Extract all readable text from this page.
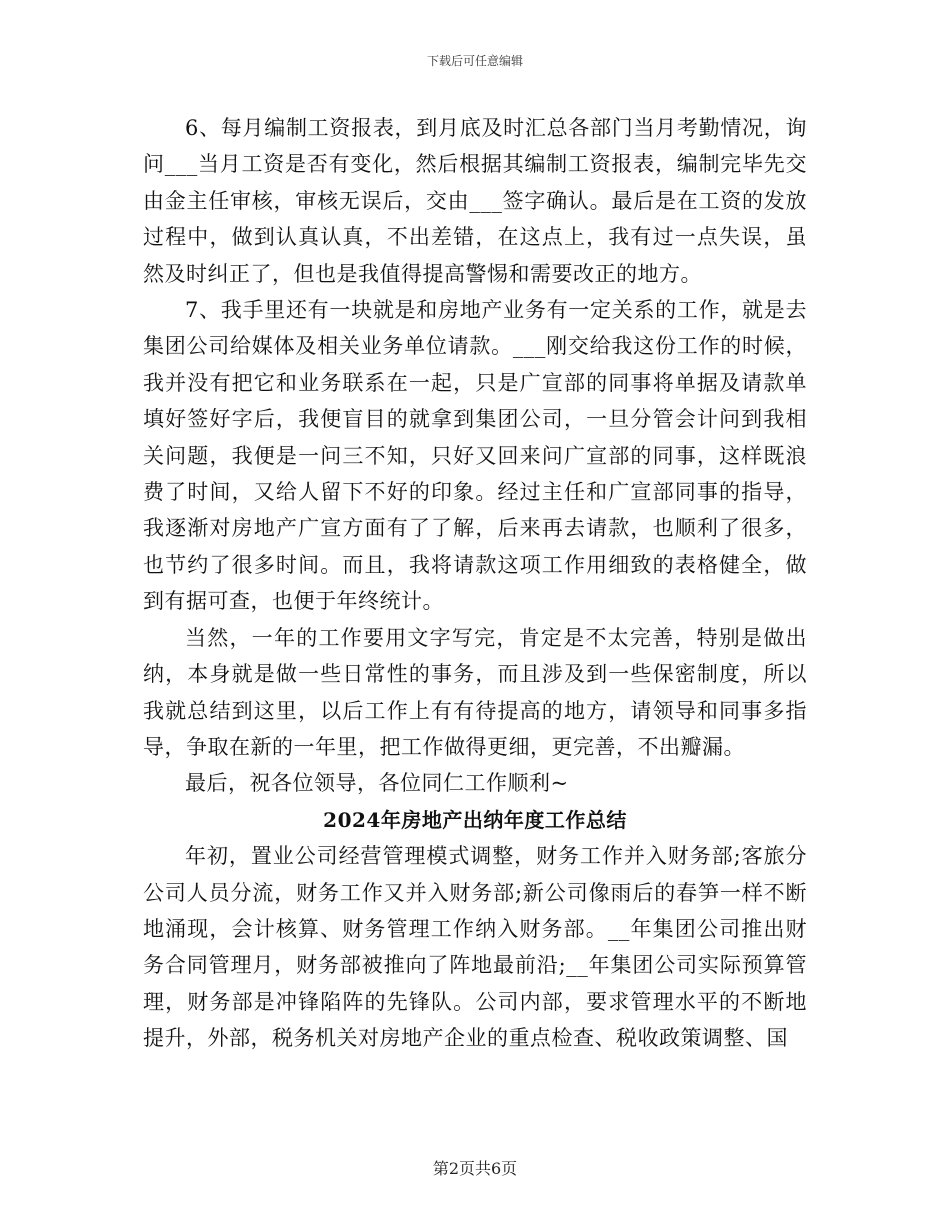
下载后可任意编辑

6、每月编制工资报表，到月底及时汇总各部门当月考勤情况，询问___当月工资是否有变化，然后根据其编制工资报表，编制完毕先交由金主任审核，审核无误后，交由___签字确认。最后是在工资的发放过程中，做到认真认真，不出差错，在这点上，我有过一点失误，虽然及时纠正了，但也是我值得提高警惕和需要改正的地方。

7、我手里还有一块就是和房地产业务有一定关系的工作，就是去集团公司给媒体及相关业务单位请款。___刚交给我这份工作的时候，我并没有把它和业务联系在一起，只是广宣部的同事将单据及请款单填好签好字后，我便盲目的就拿到集团公司，一旦分管会计问到我相关问题，我便是一问三不知，只好又回来问广宣部的同事，这样既浪费了时间，又给人留下不好的印象。经过主任和广宣部同事的指导，我逐渐对房地产广宣方面有了了解，后来再去请款，也顺利了很多，也节约了很多时间。而且，我将请款这项工作用细致的表格健全，做到有据可查，也便于年终统计。

当然，一年的工作要用文字写完，肯定是不太完善，特别是做出纳，本身就是做一些日常性的事务，而且涉及到一些保密制度，所以我就总结到这里，以后工作上有有待提高的地方，请领导和同事多指导，争取在新的一年里，把工作做得更细，更完善，不出瓣漏。

最后，祝各位领导，各位同仁工作顺利~

2024年房地产出纳年度工作总结

年初，置业公司经营管理模式调整，财务工作并入财务部;客旅分公司人员分流，财务工作又并入财务部;新公司像雨后的春笋一样不断地涌现，会计核算、财务管理工作纳入财务部。__年集团公司推出财务合同管理月，财务部被推向了阵地最前沿;__年集团公司实际预算管理，财务部是冲锋陷阵的先锋队。公司内部，要求管理水平的不断地提升，外部，税务机关对房地产企业的重点检查、税收政策调整、国

第2页共6页
